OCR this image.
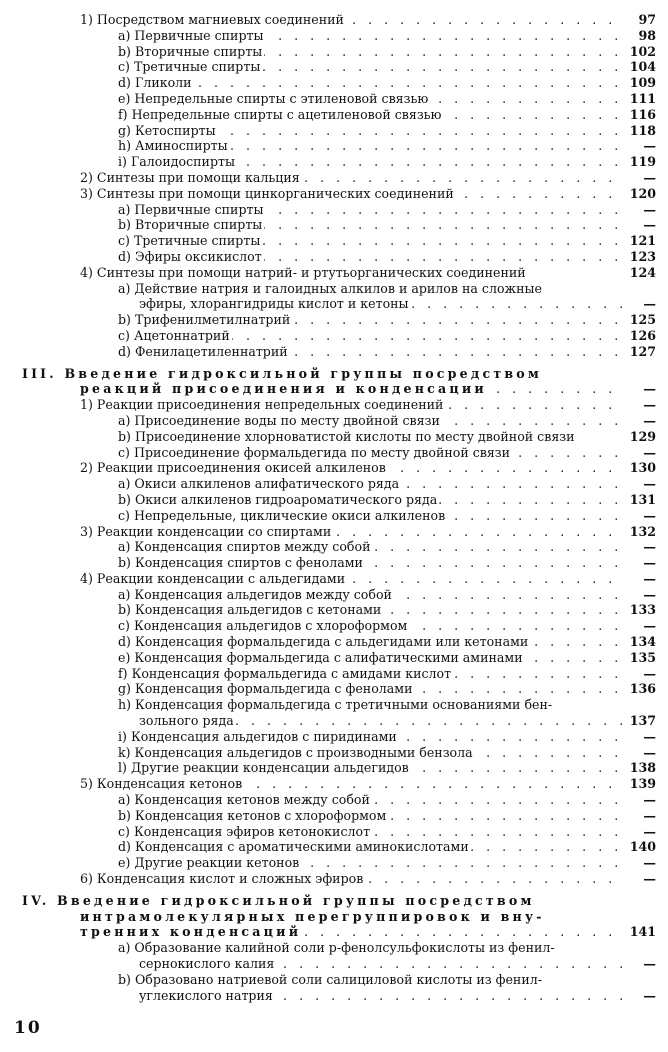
. . .
1) Посредством магниевых соединений	97
. . .
a) Первичные спирты	98
. . .
b) Вторичные спирты	102
. . .
c) Третичные спирты	104
. . .
d) Гликоли	109
. . .
e) Непредельные спирты с этиленовой связью	111
. . .
f) Непредельные спирты с ацетиленовой связью	116
. . .
g) Кетоспирты	118
. . .
h) Аминоспирты	—
. . .
i) Галоидоспирты	119
. . .
2) Синтезы при помощи кальция	—
. . .
3) Синтезы при помощи цинкорганических соединений	120
. . .
a) Первичные спирты	—
. . .
b) Вторичные спирты	—
. . .
c) Третичные спирты	121
. . .
d) Эфиры оксикислот	123
4) Синтезы при помощи натрий- и ртутьорганических соединений	124
a) Действие натрия и галоидных алкилов и арилов на сложные
. . .
эфиры, хлорангидриды кислот и кетоны	—
. . .
b) Трифенилметилнатрий	125
. . .
c) Ацетоннатрий	126
. . .
d) Фенилацетиленнатрий	127
III. Введение гидроксильной группы посредством
. . .
реакций присоединения и конденсации	—
. . .
1) Реакции присоединения непредельных соединений	—
. . .
a) Присоединение воды по месту двойной связи	—
b) Присоединение хлорноватистой кислоты по месту двойной связи	129
. . .
c) Присоединение формальдегида по месту двойной связи	—
. . .
2) Реакции присоединения окисей алкиленов	130
. . .
a) Окиси алкиленов алифатического ряда	—
. . .
b) Окиси алкиленов гидроароматического ряда	131
. . .
c) Непредельные, циклические окиси алкиленов	—
. . .
3) Реакции конденсации со спиртами	132
. . .
a) Конденсация спиртов между собой	—
. . .
b) Конденсация спиртов с фенолами	—
. . .
4) Реакции конденсации с альдегидами	—
. . .
a) Конденсация альдегидов между собой	—
. . .
b) Конденсация альдегидов с кетонами	133
. . .
c) Конденсация альдегидов с хлороформом	—
. . .
d) Конденсация формальдегида с альдегидами или кетонами	134
. . .
e) Конденсация формальдегида с алифатическими аминами	135
. . .
f) Конденсация формальдегида с амидами кислот	—
. . .
g) Конденсация формальдегида с фенолами	136
h) Конденсация формальдегида с третичными основаниями бен-
. . .
зольного ряда	137
. . .
i) Конденсация альдегидов с пиридинами	—
. . .
k) Конденсация альдегидов с производными бензола	—
. . .
l) Другие реакции конденсации альдегидов	138
. . .
5) Конденсация кетонов	139
. . .
a) Конденсация кетонов между собой	—
. . .
b) Конденсация кетонов с хлороформом	—
. . .
c) Конденсация эфиров кетонокислот	—
. . .
d) Конденсация с ароматическими аминокислотами	140
. . .
e) Другие реакции кетонов	—
. . .
6) Конденсация кислот и сложных эфиров	—
IV. Введение гидроксильной группы посредством
интрамолекулярных перегруппировок и вну-
. . .
тренних конденсаций	141
a) Образование калийной соли p-фенолсульфокислоты из фенил-
. . .
сернокислого калия	—
b) Образовано натриевой соли салициловой кислоты из фенил-
. . .
углекислого натрия	—
10
